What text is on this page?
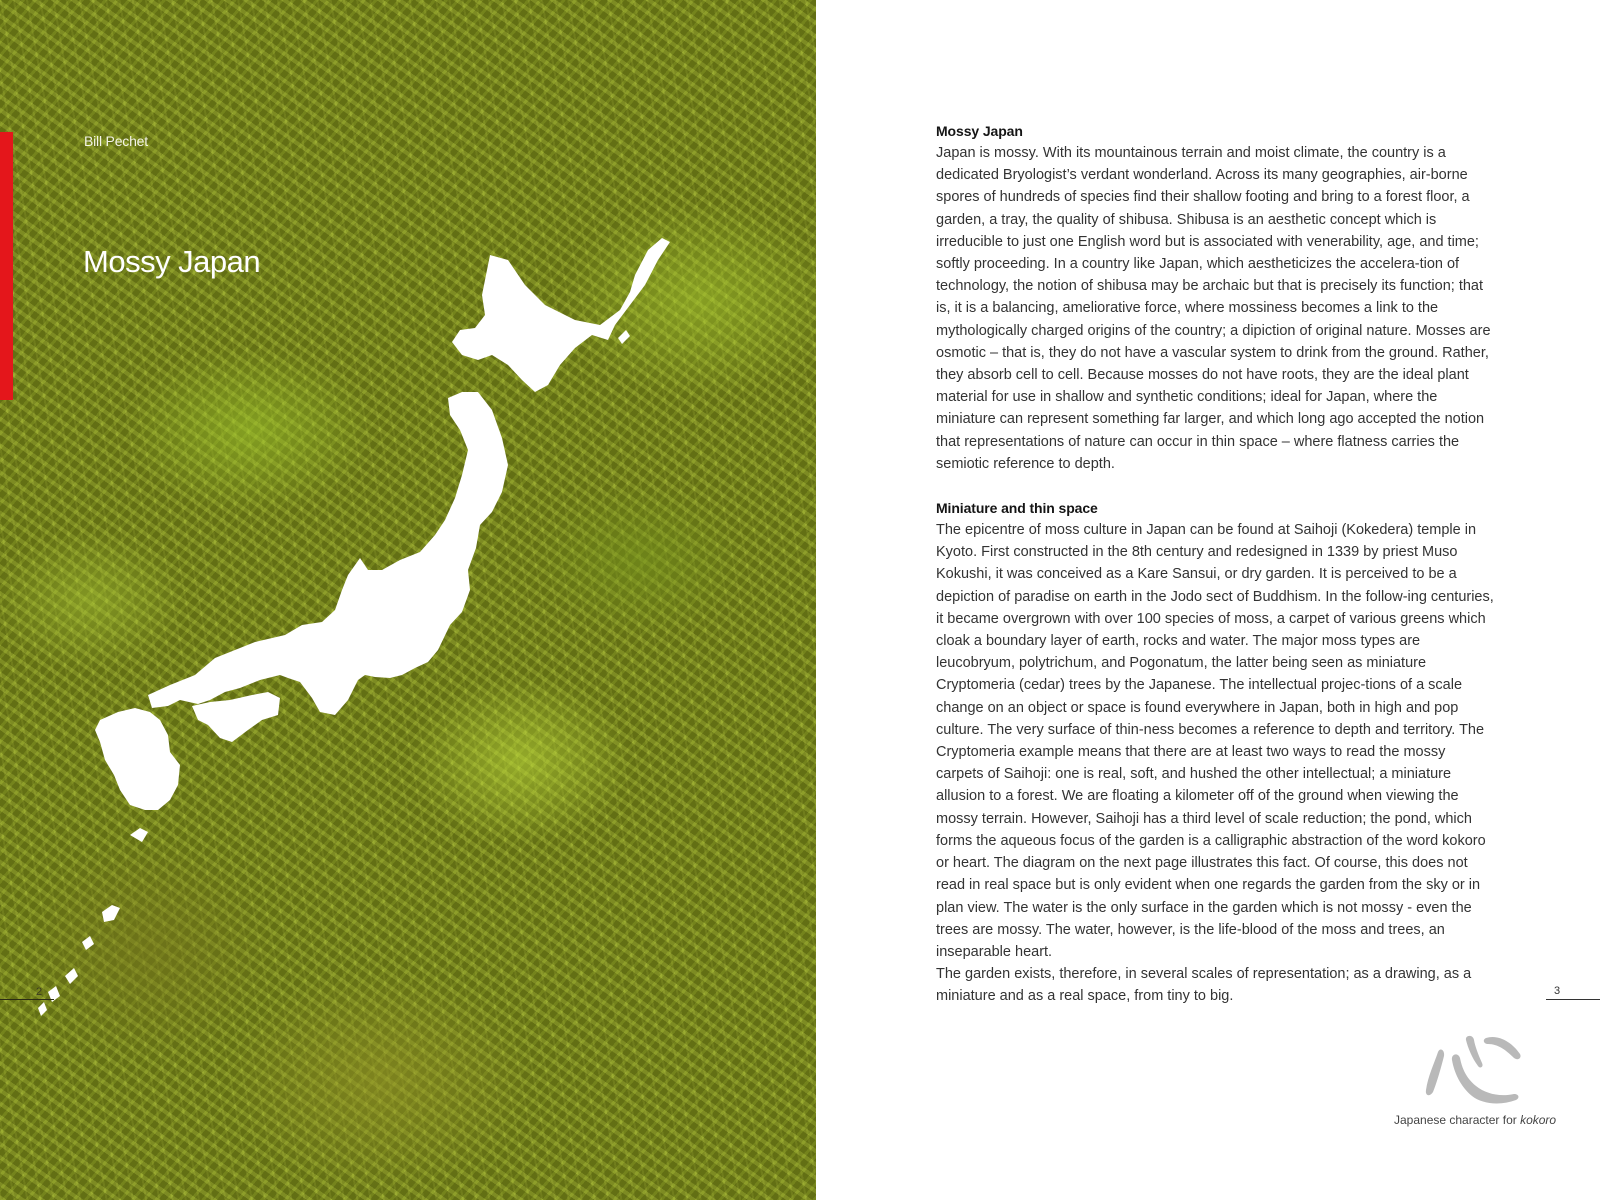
Bill Pechet
Mossy Japan
2
Mossy Japan

Japan is mossy. With its mountainous terrain and moist climate, the country is a dedicated Bryologist’s verdant wonderland. Across its many geographies, air-borne spores of hundreds of species find their shallow footing and bring to a forest floor, a garden, a tray, the quality of shibusa. Shibusa is an aesthetic concept which is irreducible to just one English word but is associated with venerability, age, and time; softly proceeding. In a country like Japan, which aestheticizes the accelera-tion of technology, the notion of shibusa may be archaic but that is precisely its function; that is, it is a balancing, ameliorative force, where mossiness becomes a link to the mythologically charged origins of the country; a dipiction of original nature. Mosses are osmotic – that is, they do not have a vascular system to drink from the ground. Rather, they absorb cell to cell. Because mosses do not have roots, they are the ideal plant material for use in shallow and synthetic conditions; ideal for Japan, where the miniature can represent something far larger, and which long ago accepted the notion that representations of nature can occur in thin space – where flatness carries the semiotic reference to depth.

Miniature and thin space

The epicentre of moss culture in Japan can be found at Saihoji (Kokedera) temple in Kyoto. First constructed in the 8th century and redesigned in 1339 by priest Muso Kokushi, it was conceived as a Kare Sansui, or dry garden. It is perceived to be a depiction of paradise on earth in the Jodo sect of Buddhism. In the follow-ing centuries, it became overgrown with over 100 species of moss, a carpet of various greens which cloak a boundary layer of earth, rocks and water. The major moss types are leucobryum, polytrichum, and Pogonatum, the latter being seen as miniature Cryptomeria (cedar) trees by the Japanese. The intellectual projec-tions of a scale change on an object or space is found everywhere in Japan, both in high and pop culture. The very surface of thin-ness becomes a reference to depth and territory. The Cryptomeria example means that there are at least two ways to read the mossy carpets of Saihoji: one is real, soft, and hushed the other intellectual; a miniature allusion to a forest. We are floating a kilometer off of the ground when viewing the mossy terrain. However, Saihoji has a third level of scale reduction; the pond, which forms the aqueous focus of the garden is a calligraphic abstraction of the word kokoro or heart. The diagram on the next page illustrates this fact. Of course, this does not read in real space but is only evident when one regards the garden from the sky or in plan view. The water is the only surface in the garden which is not mossy - even the trees are mossy. The water, however, is the life-blood of the moss and trees, an inseparable heart.

The garden exists, therefore, in several scales of representation; as a drawing, as a miniature and as a real space, from tiny to big.	3
Japanese character for kokoro
